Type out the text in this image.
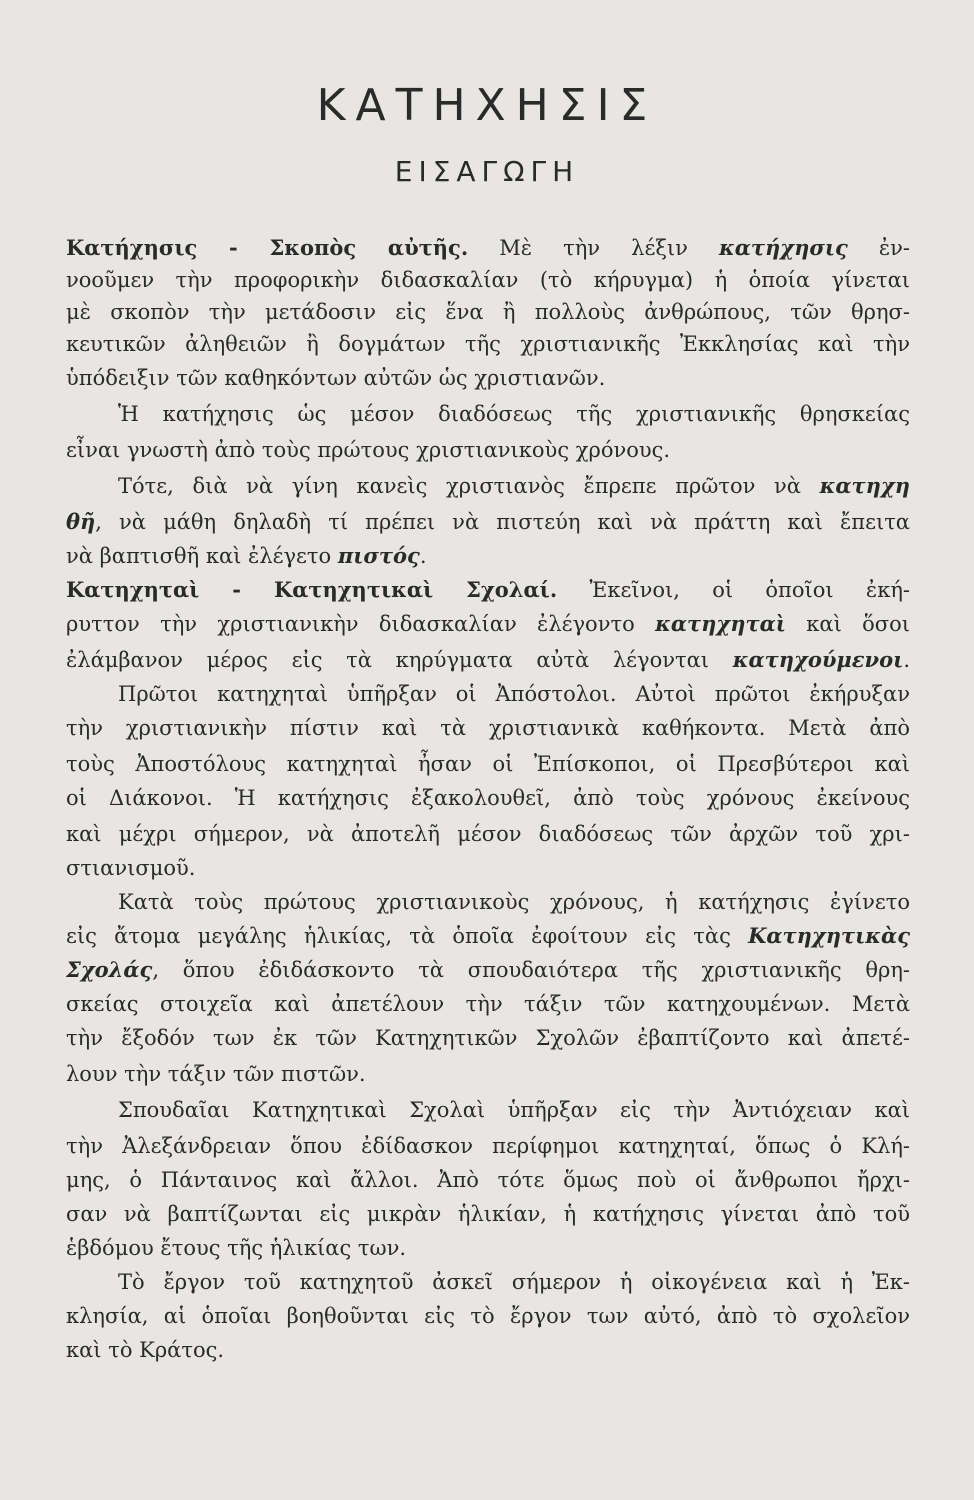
ΚΑΤΗΧΗΣΙΣ
ΕΙΣΑΓΩΓΗ
Κατήχησις - Σκοπὸς αὐτῆς. Μὲ τὴν λέξιν κατήχησις ἐν-
νοοῦμεν τὴν προφορικὴν διδασκαλίαν (τὸ κήρυγμα) ἡ ὁποία γίνεται
μὲ σκοπὸν τὴν μετάδοσιν εἰς ἕνα ἢ πολλοὺς ἀνθρώπους, τῶν θρησ-
κευτικῶν ἀληθειῶν ἢ δογμάτων τῆς χριστιανικῆς Ἐκκλησίας καὶ τὴν
ὑπόδειξιν τῶν καθηκόντων αὐτῶν ὡς χριστιανῶν.
Ἡ κατήχησις ὡς μέσον διαδόσεως τῆς χριστιανικῆς θρησκείας
εἶναι γνωστὴ ἀπὸ τοὺς πρώτους χριστιανικοὺς χρόνους.
Τότε, διὰ νὰ γίνη κανεὶς χριστιανὸς ἔπρεπε πρῶτον νὰ κατηχη
θῆ, νὰ μάθη δηλαδὴ τί πρέπει νὰ πιστεύη καὶ νὰ πράττη καὶ ἔπειτα
νὰ βαπτισθῆ καὶ ἐλέγετο πιστός.
Κατηχηταὶ - Κατηχητικαὶ Σχολαί. Ἐκεῖνοι, οἱ ὁποῖοι ἐκή-
ρυττον τὴν χριστιανικὴν διδασκαλίαν ἐλέγοντο κατηχηταὶ καὶ ὅσοι
ἐλάμβανον μέρος εἰς τὰ κηρύγματα αὐτὰ λέγονται κατηχούμενοι.
Πρῶτοι κατηχηταὶ ὑπῆρξαν οἱ Ἀπόστολοι. Αὐτοὶ πρῶτοι ἐκήρυξαν
τὴν χριστιανικὴν πίστιν καὶ τὰ χριστιανικὰ καθήκοντα. Μετὰ ἀπὸ
τοὺς Ἀποστόλους κατηχηταὶ ἦσαν οἱ Ἐπίσκοποι, οἱ Πρεσβύτεροι καὶ
οἱ Διάκονοι. Ἡ κατήχησις ἐξακολουθεῖ, ἀπὸ τοὺς χρόνους ἐκείνους
καὶ μέχρι σήμερον, νὰ ἀποτελῆ μέσον διαδόσεως τῶν ἀρχῶν τοῦ χρι-
στιανισμοῦ.
Κατὰ τοὺς πρώτους χριστιανικοὺς χρόνους, ἡ κατήχησις ἐγίνετο
εἰς ἄτομα μεγάλης ἡλικίας, τὰ ὁποῖα ἐφοίτουν εἰς τὰς Κατηχητικὰς
Σχολάς, ὅπου ἐδιδάσκοντο τὰ σπουδαιότερα τῆς χριστιανικῆς θρη-
σκείας στοιχεῖα καὶ ἀπετέλουν τὴν τάξιν τῶν κατηχουμένων. Μετὰ
τὴν ἔξοδόν των ἐκ τῶν Κατηχητικῶν Σχολῶν ἐβαπτίζοντο καὶ ἀπετέ-
λουν τὴν τάξιν τῶν πιστῶν.
Σπουδαῖαι Κατηχητικαὶ Σχολαὶ ὑπῆρξαν εἰς τὴν Ἀντιόχειαν καὶ
τὴν Ἀλεξάνδρειαν ὅπου ἐδίδασκον περίφημοι κατηχηταί, ὅπως ὁ Κλή-
μης, ὁ Πάνταινος καὶ ἄλλοι. Ἀπὸ τότε ὅμως ποὺ οἱ ἄνθρωποι ἤρχι-
σαν νὰ βαπτίζωνται εἰς μικρὰν ἡλικίαν, ἡ κατήχησις γίνεται ἀπὸ τοῦ
ἑβδόμου ἔτους τῆς ἡλικίας των.
Τὸ ἔργον τοῦ κατηχητοῦ ἀσκεῖ σήμερον ἡ οἰκογένεια καὶ ἡ Ἐκ-
κλησία, αἱ ὁποῖαι βοηθοῦνται εἰς τὸ ἔργον των αὐτό, ἀπὸ τὸ σχολεῖον
καὶ τὸ Κράτος.
